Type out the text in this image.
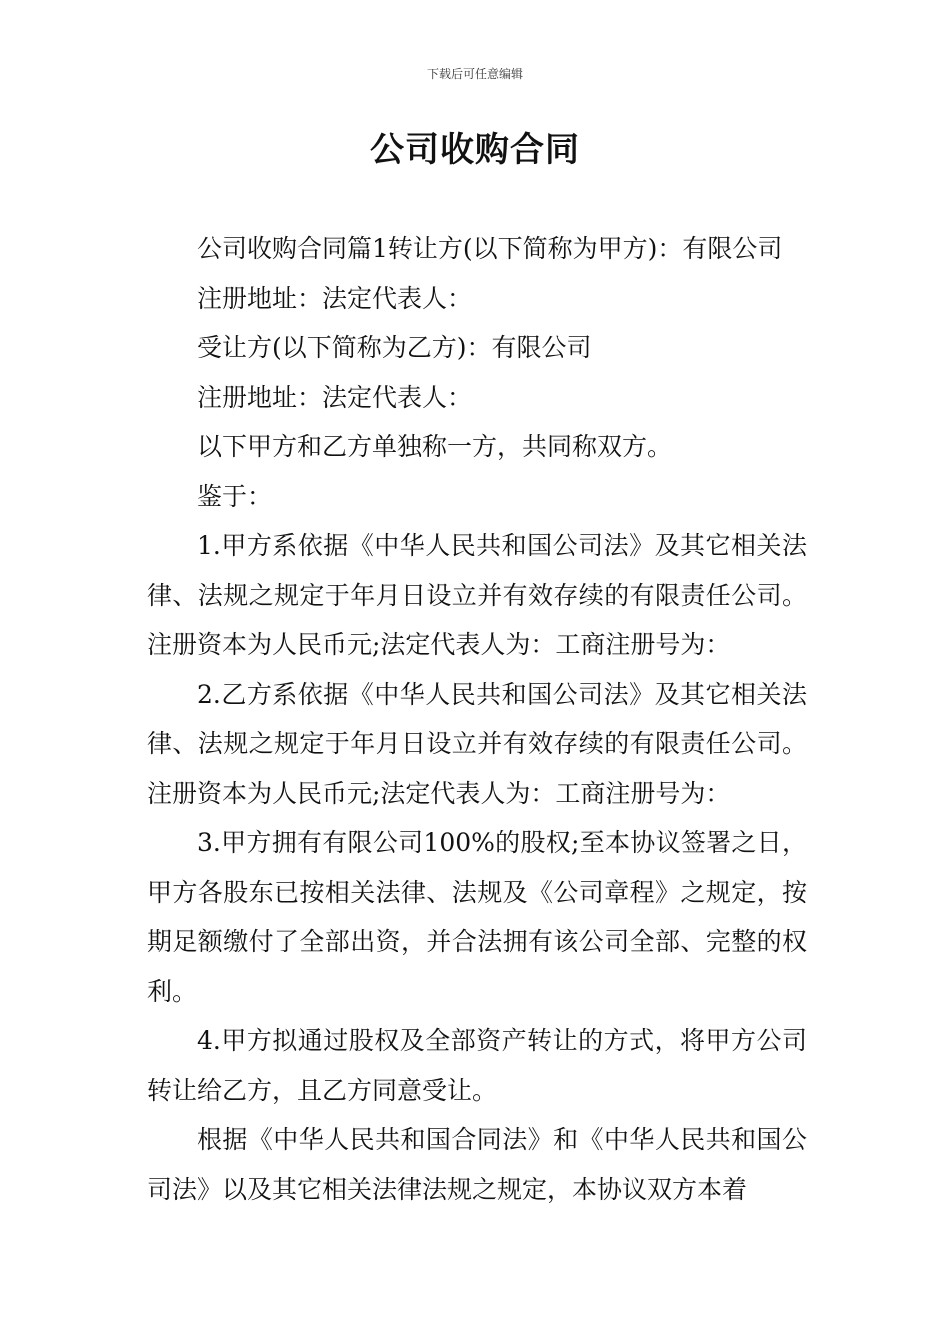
下载后可任意编辑
公司收购合同

公司收购合同篇1转让方(以下简称为甲方)：有限公司

注册地址：法定代表人：

受让方(以下简称为乙方)：有限公司

注册地址：法定代表人：

以下甲方和乙方单独称一方，共同称双方。

鉴于：

1.甲方系依据《中华人民共和国公司法》及其它相关法律、法规之规定于年月日设立并有效存续的有限责任公司。注册资本为人民币元;法定代表人为：工商注册号为：

2.乙方系依据《中华人民共和国公司法》及其它相关法律、法规之规定于年月日设立并有效存续的有限责任公司。注册资本为人民币元;法定代表人为：工商注册号为：

3.甲方拥有有限公司100%的股权;至本协议签署之日，甲方各股东已按相关法律、法规及《公司章程》之规定，按期足额缴付了全部出资，并合法拥有该公司全部、完整的权利。

4.甲方拟通过股权及全部资产转让的方式，将甲方公司转让给乙方，且乙方同意受让。

根据《中华人民共和国合同法》和《中华人民共和国公司法》以及其它相关法律法规之规定，本协议双方本着
